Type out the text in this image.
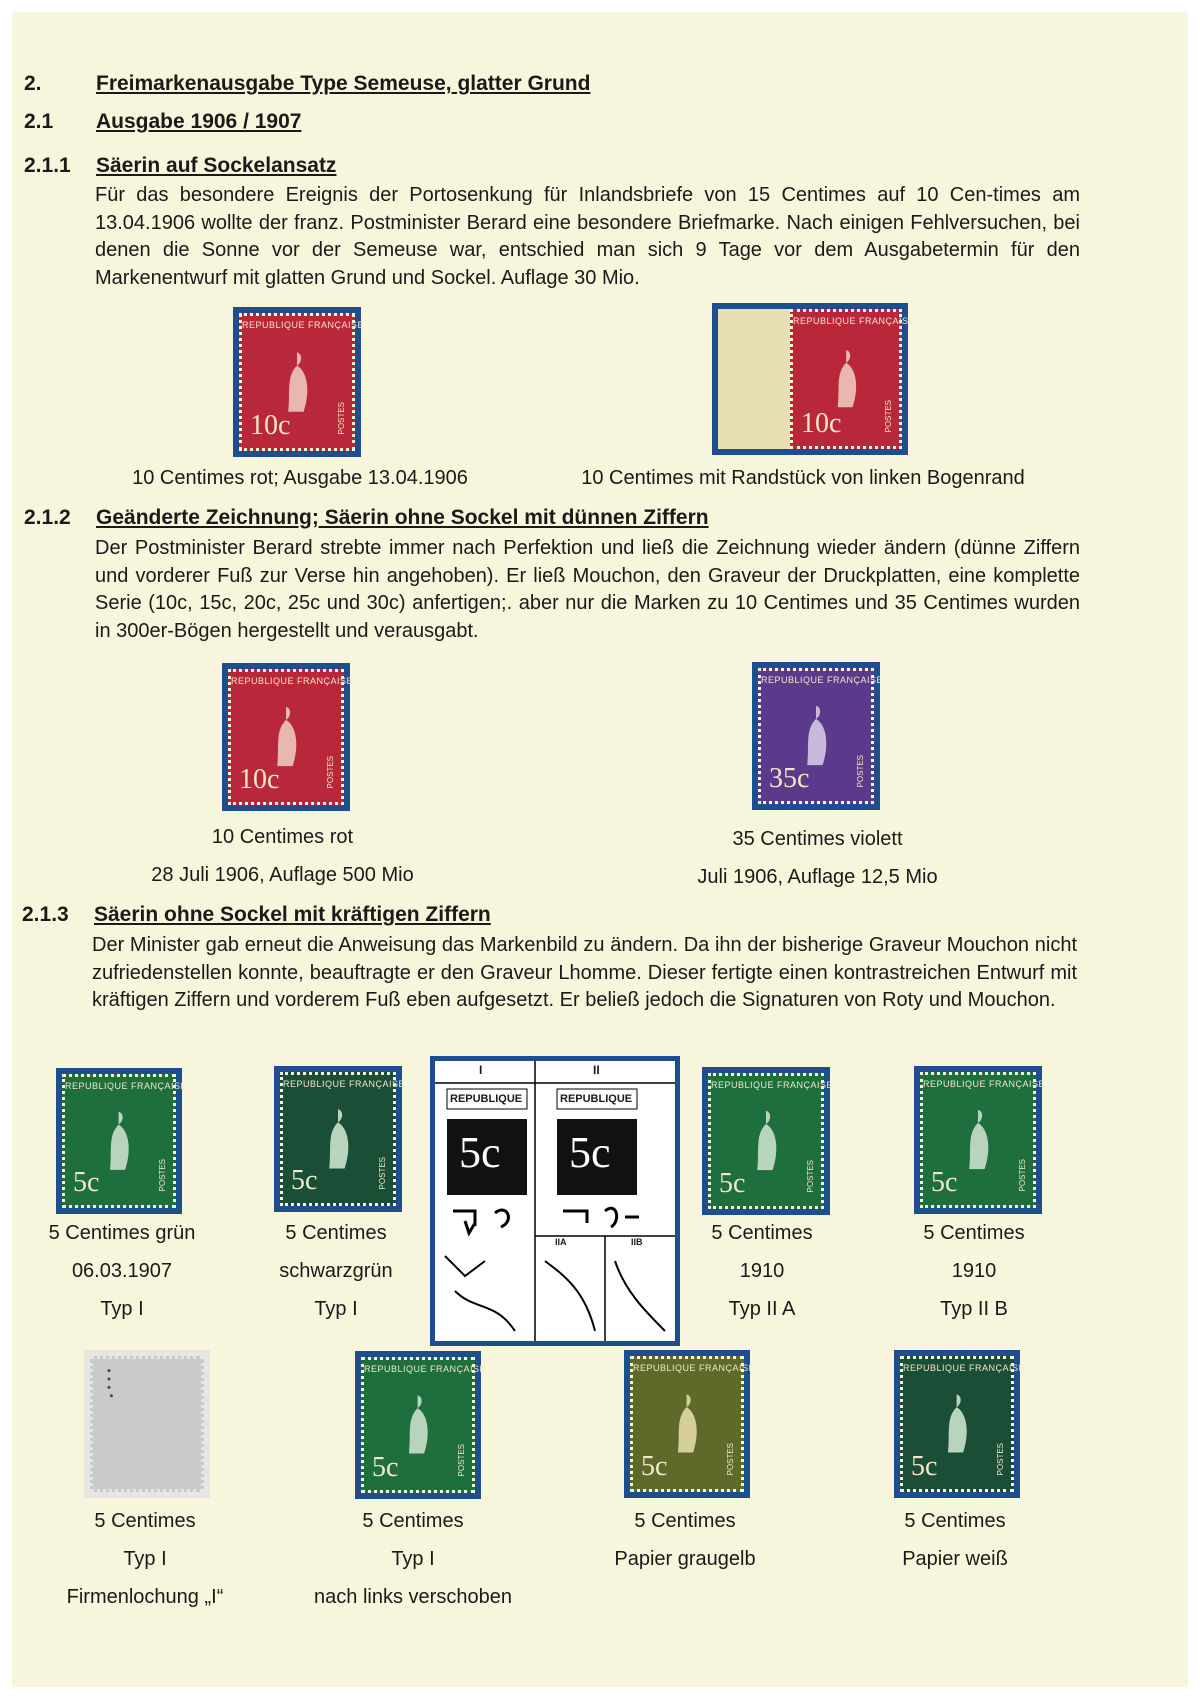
2.	Freimarkenausgabe Type Semeuse, glatter Grund
2.1 Ausgabe 1906 / 1907
2.1.1 Säerin auf Sockelansatz
Für das besondere Ereignis der Portosenkung für Inlandsbriefe von 15 Centimes auf 10 Cen-times am 13.04.1906 wollte der franz. Postminister Berard eine besondere Briefmarke. Nach einigen Fehlversuchen, bei denen die Sonne vor der Semeuse war, entschied man sich 9 Tage vor dem Ausgabetermin für den Markenentwurf mit glatten Grund und Sockel. Auflage 30 Mio.
REPUBLIQUE FRANÇAISE
10c	POSTES
REPUBLIQUE FRANÇAISE
10c	POSTES
10 Centimes rot; Ausgabe 13.04.1906	10 Centimes mit Randstück von linken Bogenrand
2.1.2 Geänderte Zeichnung; Säerin ohne Sockel mit dünnen Ziffern
Der Postminister Berard strebte immer nach Perfektion und ließ die Zeichnung wieder ändern (dünne Ziffern und vorderer Fuß zur Verse hin angehoben). Er ließ Mouchon, den Graveur der Druckplatten, eine komplette Serie (10c, 15c, 20c, 25c und 30c) anfertigen;. aber nur die Marken zu 10 Centimes und 35 Centimes wurden in 300er-Bögen hergestellt und verausgabt.
REPUBLIQUE FRANÇAISE
10c	POSTES
REPUBLIQUE FRANÇAISE
35c	POSTES
10 Centimes rot
28 Juli 1906, Auflage 500 Mio
35 Centimes violett
Juli 1906, Auflage 12,5 Mio
2.1.3 Säerin ohne Sockel mit kräftigen Ziffern
Der Minister gab erneut die Anweisung das Markenbild zu ändern. Da ihn der bisherige Graveur Mouchon nicht zufriedenstellen konnte, beauftragte er den Graveur Lhomme. Dieser fertigte einen kontrastreichen Entwurf mit kräftigen Ziffern und vorderem Fuß eben aufgesetzt. Er beließ jedoch die Signaturen von Roty und Mouchon.
REPUBLIQUE FRANÇAISE
5c	POSTES
REPUBLIQUE FRANÇAISE
5c	POSTES
I	II
REPUBLIQUE	REPUBLIQUE
5c 5c
IIA	IIB
REPUBLIQUE FRANÇAISE
5c	POSTES
REPUBLIQUE FRANÇAISE
5c	POSTES
5 Centimes grün
06.03.1907
Typ I
5 Centimes
schwarzgrün
Typ I
5 Centimes
1910
Typ II A
5 Centimes
1910
Typ II B
REPUBLIQUE FRANÇAISE
5c	POSTES
REPUBLIQUE FRANÇAISE
5c	POSTES
REPUBLIQUE FRANÇAISE
5c	POSTES
5 Centimes
Typ I
Firmenlochung „I“
5 Centimes
Typ I
nach links verschoben
5 Centimes
Papier graugelb
5 Centimes
Papier weiß
